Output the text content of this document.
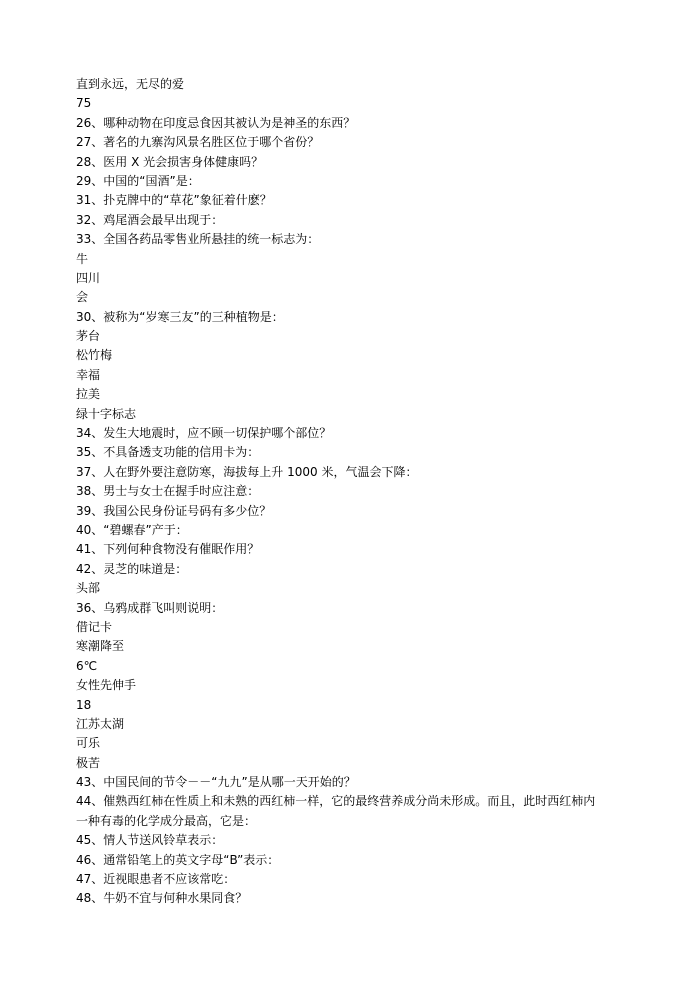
直到永远，无尽的爱
75
26、哪种动物在印度忌食因其被认为是神圣的东西？
27、著名的九寨沟风景名胜区位于哪个省份？
28、医用 X 光会损害身体健康吗？
29、中国的“国酒”是：
31、扑克牌中的“草花”象征着什麽？
32、鸡尾酒会最早出现于：
33、全国各药品零售业所悬挂的统一标志为：
牛
四川
会
30、被称为“岁寒三友”的三种植物是：
茅台
松竹梅
幸福
拉美
绿十字标志
34、发生大地震时，应不顾一切保护哪个部位？
35、不具备透支功能的信用卡为：
37、人在野外要注意防寒，海拔每上升 1000 米，气温会下降：
38、男士与女士在握手时应注意：
39、我国公民身份证号码有多少位？
40、“碧螺春”产于：
41、下列何种食物没有催眠作用？
42、灵芝的味道是：
头部
36、乌鸦成群飞叫则说明：
借记卡
寒潮降至
6℃
女性先伸手
18
江苏太湖
可乐
极苦
43、中国民间的节令－－“九九”是从哪一天开始的？
44、催熟西红柿在性质上和未熟的西红柿一样，它的最终营养成分尚未形成。而且，此时西红柿内
一种有毒的化学成分最高，它是：
45、情人节送风铃草表示：
46、通常铅笔上的英文字母“B”表示：
47、近视眼患者不应该常吃：
48、牛奶不宜与何种水果同食？
